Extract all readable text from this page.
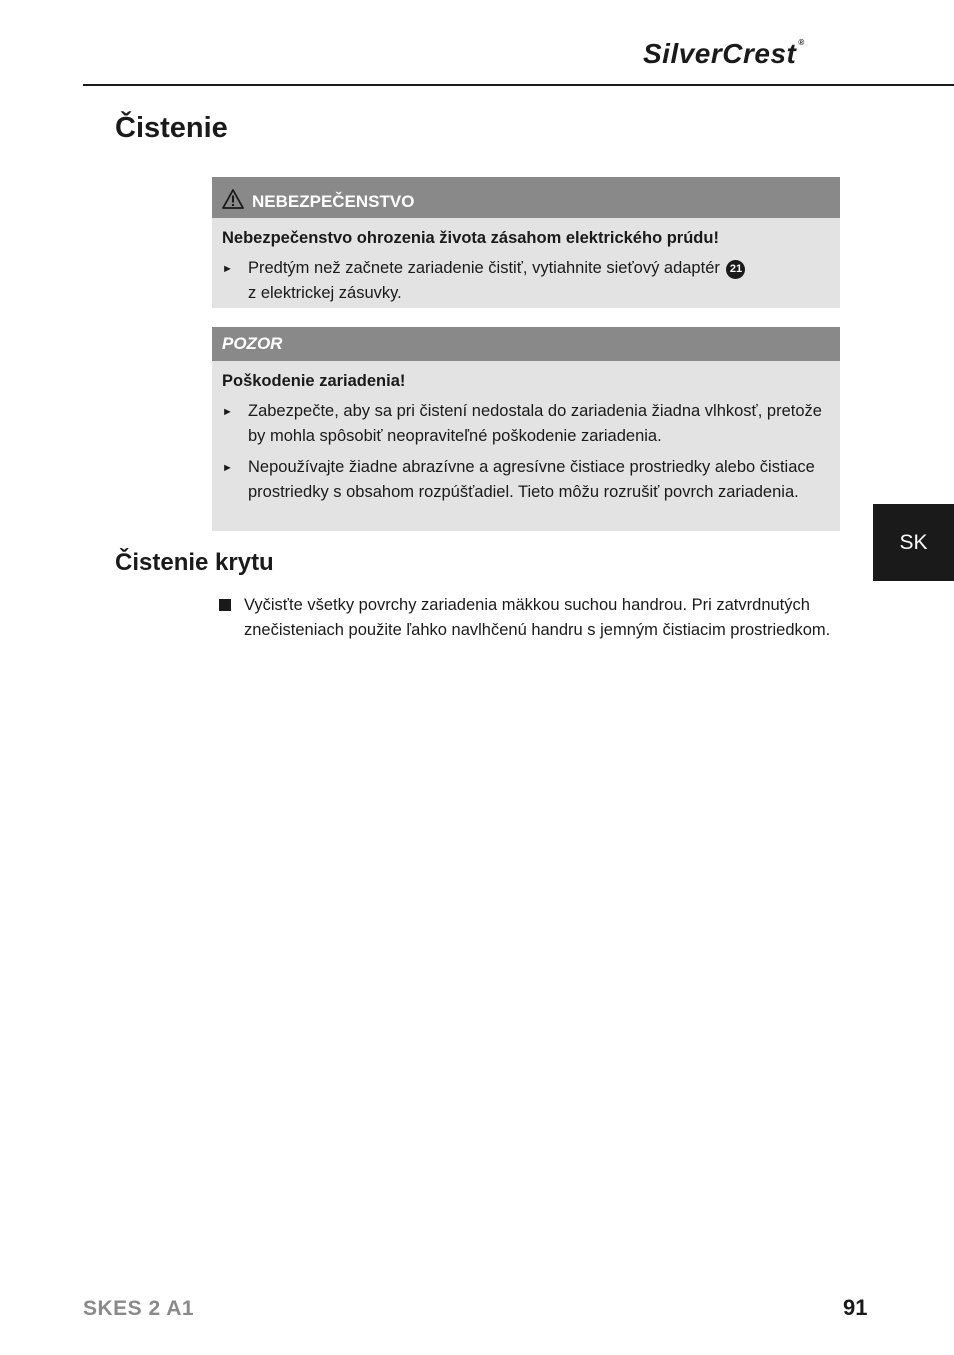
SilverCrest ®
Čistenie
NEBEZPEČENSTVO
Nebezpečenstvo ohrozenia života zásahom elektrického prúdu!
► Predtým než začnete zariadenie čistiť, vytiahnite sieťový adaptér 21
z elektrickej zásuvky.
POZOR
Poškodenie zariadenia!
► Zabezpečte, aby sa pri čistení nedostala do zariadenia žiadna vlhkosť, pretože by mohla spôsobiť neopraviteľné poškodenie zariadenia.
► Nepoužívajte žiadne abrazívne a agresívne čistiace prostriedky alebo čistiace prostriedky s obsahom rozpúšťadiel. Tieto môžu rozrušiť povrch zariadenia.
Čistenie krytu
Vyčisťte všetky povrchy zariadenia mäkkou suchou handrou. Pri zatvrdnutých znečisteniach použite ľahko navlhčenú handru s jemným čistiacim prostriedkom.
SK
SKES 2 A1	91
